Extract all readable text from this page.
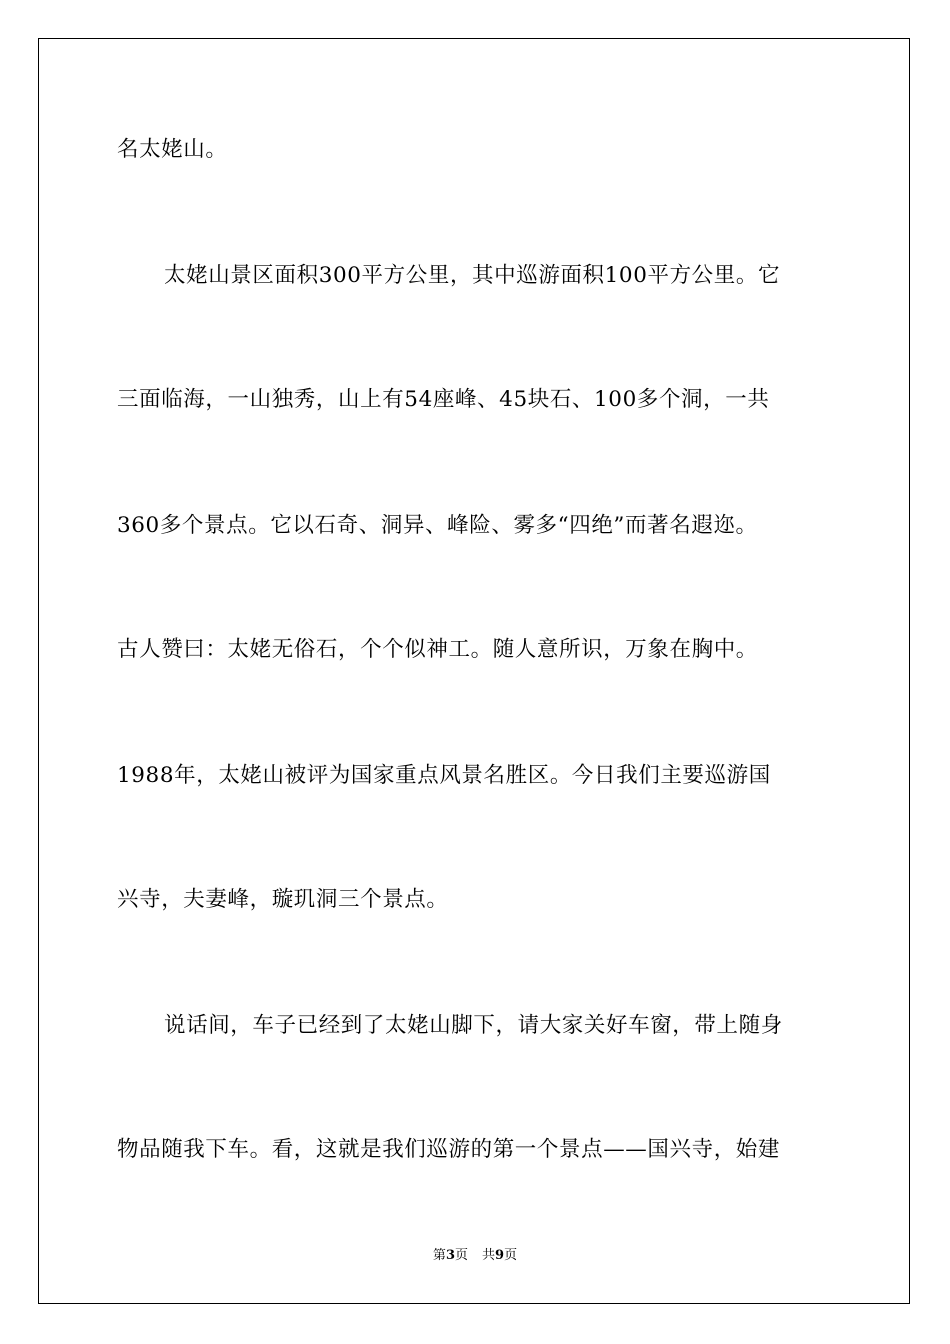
名太姥山。
太姥山景区面积300平方公里，其中巡游面积100平方公里。它
三面临海，一山独秀，山上有54座峰、45块石、100多个洞，一共
360多个景点。它以石奇、洞异、峰险、雾多“四绝”而著名遐迩。
古人赞曰：太姥无俗石，个个似神工。随人意所识，万象在胸中。
1988年，太姥山被评为国家重点风景名胜区。今日我们主要巡游国
兴寺，夫妻峰，璇玑洞三个景点。
说话间，车子已经到了太姥山脚下，请大家关好车窗，带上随身
物品随我下车。看，这就是我们巡游的第一个景点——国兴寺，始建
第3页 共9页
